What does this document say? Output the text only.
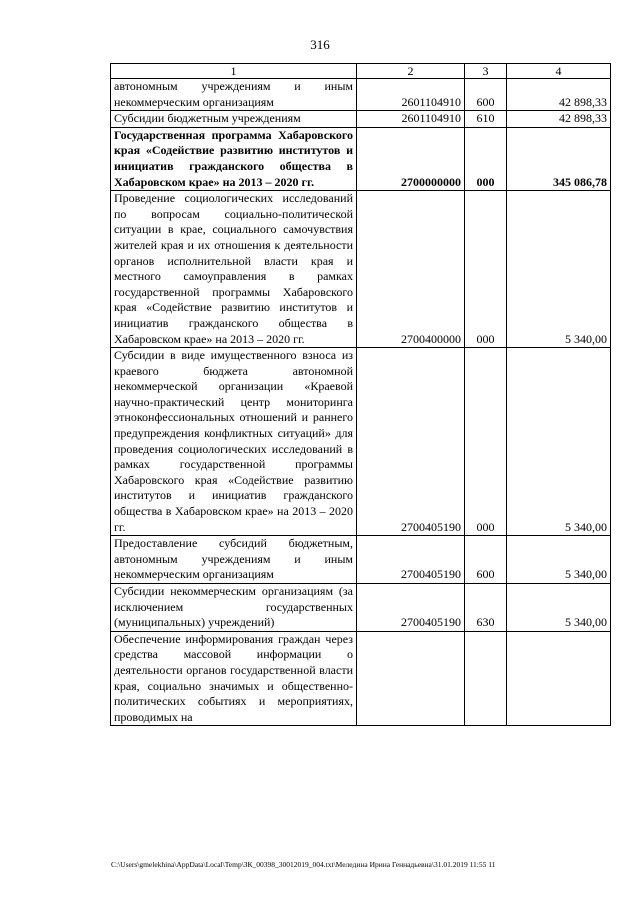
316
1	2	3	4
автономным учреждениям и иным некоммерческим организациям	2601104910	600	42 898,33
Субсидии бюджетным учреждениям	2601104910	610	42 898,33
Государственная программа Хабаровского края «Содействие развитию институтов и инициатив гражданского общества в Хабаровском крае» на 2013 – 2020 гг.	2700000000	000	345 086,78
Проведение социологических исследований по вопросам социально-политической ситуации в крае, социального самочувствия жителей края и их отношения к деятельности органов исполнительной власти края и местного самоуправления в рамках государственной программы Хабаровского края «Содействие развитию институтов и инициатив гражданского общества в Хабаровском крае» на 2013 – 2020 гг.	2700400000	000	5 340,00
Субсидии в виде имущественного взноса из краевого бюджета автономной некоммерческой организации «Краевой научно-практический центр мониторинга этноконфессиональных отношений и раннего предупреждения конфликтных ситуаций» для проведения социологических исследований в рамках государственной программы Хабаровского края «Содействие развитию институтов и инициатив гражданского общества в Хабаровском крае» на 2013 – 2020 гг.	2700405190	000	5 340,00
Предоставление субсидий бюджетным, автономным учреждениям и иным некоммерческим организациям	2700405190	600	5 340,00
Субсидии некоммерческим организациям (за исключением государственных (муниципальных) учреждений)	2700405190	630	5 340,00
Обеспечение информирования граждан через средства массовой информации о деятельности органов государственной власти края, социально значимых и общественно-политических событиях и мероприятиях, проводимых на			
C:\Users\gmelekhina\AppData\Local\Temp\ЗК_00398_30012019_004.txt\Меледина Ирина Геннадьевна\31.01.2019 11:55 11
